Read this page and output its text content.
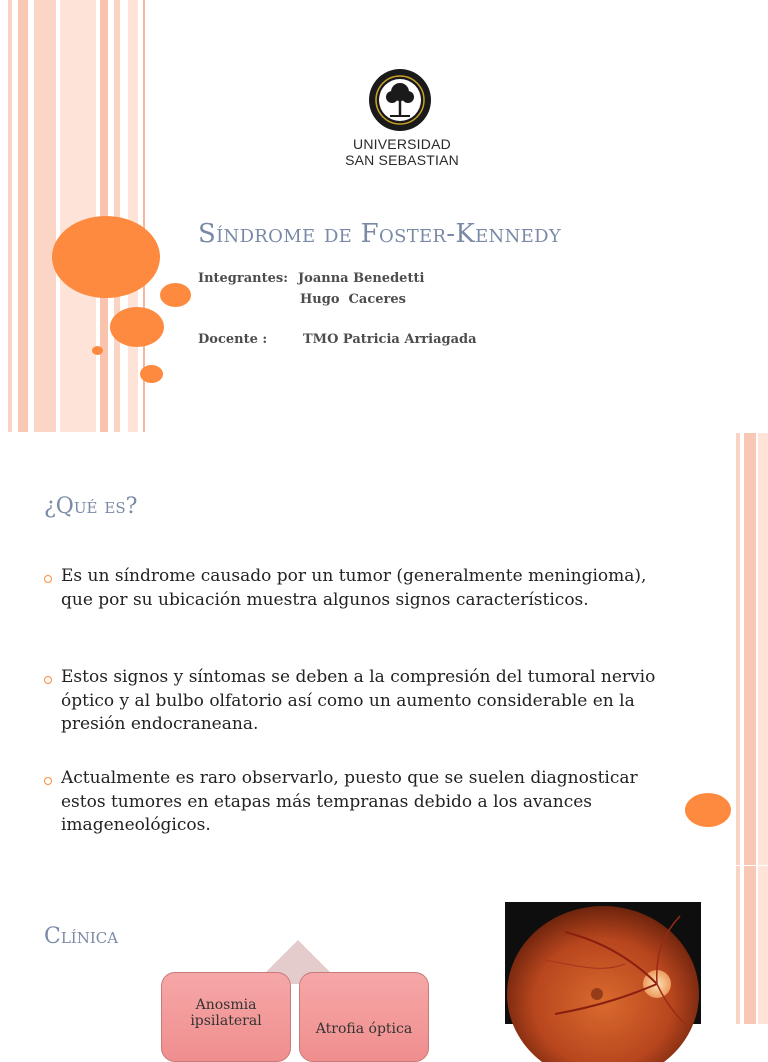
UNIVERSIDAD
SAN SEBASTIAN
Síndrome de Foster-Kennedy
Integrantes: Joanna Benedetti
Hugo  Caceres
Docente :	TMO Patricia Arriagada
¿Qué es?
Es un síndrome causado por un tumor (generalmente meningioma), que por su ubicación muestra algunos signos característicos.
Estos signos y síntomas se deben a la compresión del tumoral nervio óptico y al bulbo olfatorio así como un aumento considerable en la presión endocraneana.
Actualmente es raro observarlo, puesto que se suelen diagnosticar estos tumores en etapas más tempranas debido a los avances imageneológicos.
Clínica
Anosmia ipsilateral	Atrofia óptica
